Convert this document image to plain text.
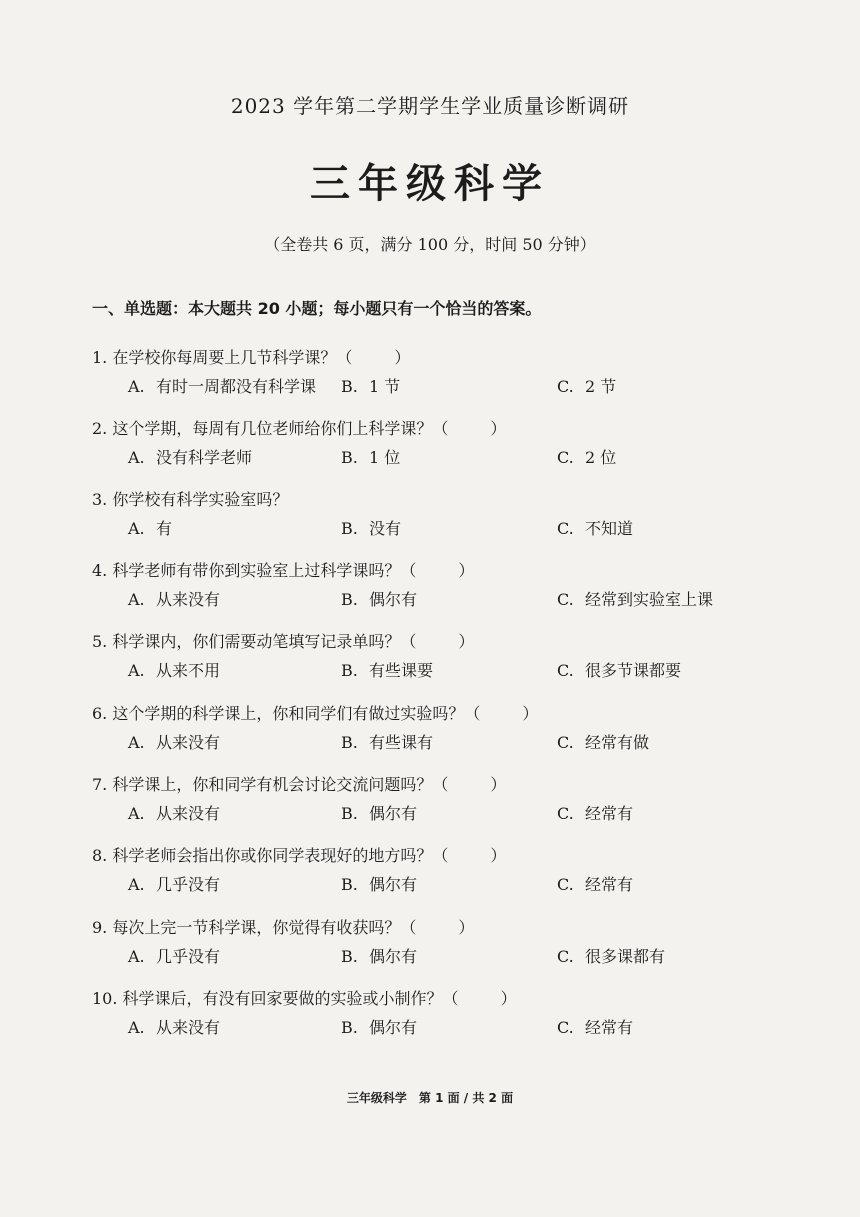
2023 学年第二学期学生学业质量诊断调研
三年级科学
（全卷共 6 页，满分 100 分，时间 50 分钟）
一、单选题：本大题共 20 小题；每小题只有一个恰当的答案。
1. 在学校你每周要上几节科学课？（	）
A. 有时一周都没有科学课 B. 1 节	C. 2 节
2. 这个学期，每周有几位老师给你们上科学课？（	）
A. 没有科学老师	B. 1 位	C. 2 位
3. 你学校有科学实验室吗？
A. 有	B. 没有	C. 不知道
4. 科学老师有带你到实验室上过科学课吗？（	）
A. 从来没有	B. 偶尔有	C. 经常到实验室上课
5. 科学课内，你们需要动笔填写记录单吗？（	）
A. 从来不用	B. 有些课要	C. 很多节课都要
6. 这个学期的科学课上，你和同学们有做过实验吗？（	）
A. 从来没有	B. 有些课有	C. 经常有做
7. 科学课上，你和同学有机会讨论交流问题吗？（	）
A. 从来没有	B. 偶尔有	C. 经常有
8. 科学老师会指出你或你同学表现好的地方吗？（	）
A. 几乎没有	B. 偶尔有	C. 经常有
9. 每次上完一节科学课，你觉得有收获吗？（	）
A. 几乎没有	B. 偶尔有	C. 很多课都有
10. 科学课后，有没有回家要做的实验或小制作？（	）
A. 从来没有	B. 偶尔有	C. 经常有
三年级科学　第 1 面 / 共 2 面
